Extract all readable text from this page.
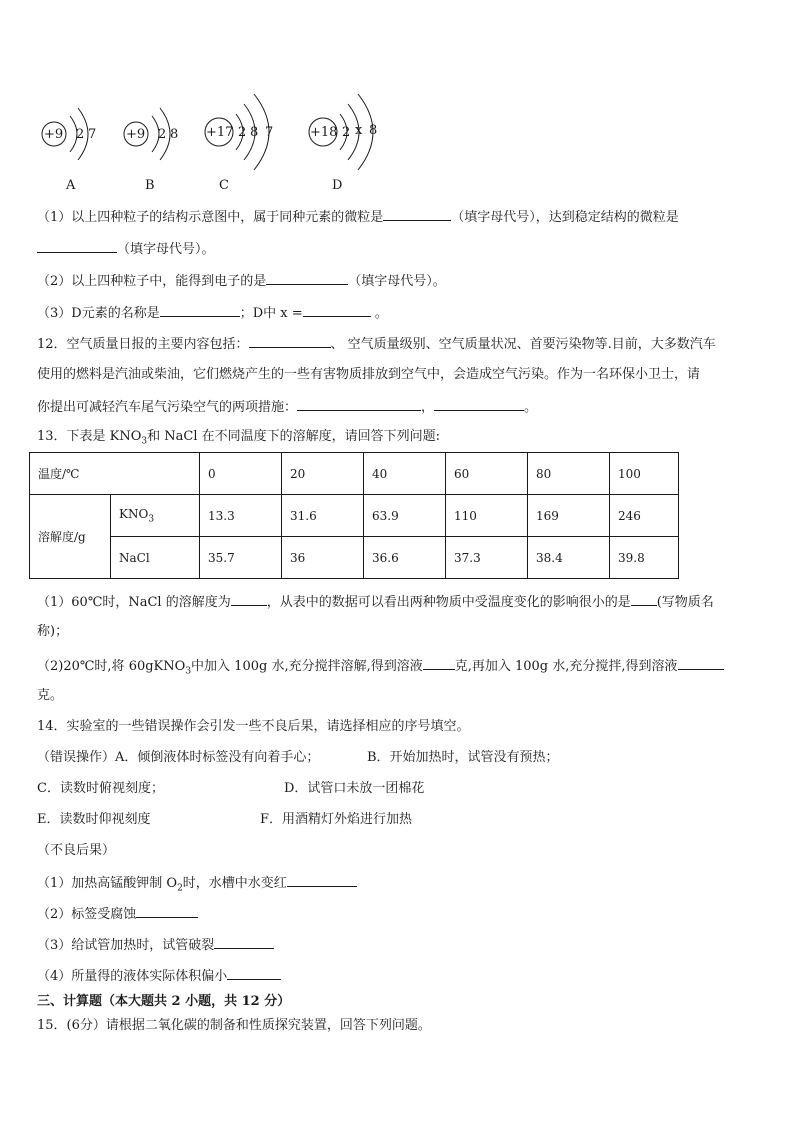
+9 2 7
A
+9 2 8
B
+17 2 8 7
C
+18 2 x 8
D
（1）以上四种粒子的结构示意图中，属于同种元素的微粒是	（填字母代号），达到稳定结构的微粒是
（填字母代号）。
（2）以上四种粒子中，能得到电子的是	（填字母代号）。
（3）D元素的名称是	；D中 x =	。
12．空气质量日报的主要内容包括：	、 空气质量级别、空气质量状况、首要污染物等.目前，大多数汽车
使用的燃料是汽油或柴油，它们燃烧产生的一些有害物质排放到空气中，会造成空气污染。作为一名环保小卫士，请
你提出可减轻汽车尾气污染空气的两项措施：	，	。
13．下表是 $KNO_3$和 NaCl 在不同温度下的溶解度，请回答下列问题:
温度/℃		0	20	40	60	80	100
溶解度/g	$KNO_3$	13.3	31.6	63.9	110	169	246
	NaCl	35.7	36	36.6	37.3	38.4	39.8
（1）60℃时，NaCl 的溶解度为	，从表中的数据可以看出两种物质中受温度变化的影响很小的是 (写物质名
称)；
（2)20℃时,将 60gKNO$_3$中加入 100g 水,充分搅拌溶解,得到溶液 克,再加入 100g 水,充分搅拌,得到溶液
克。
14．实验室的一些错误操作会引发一些不良后果，请选择相应的序号填空。
（错误操作）A．倾倒液体时标签没有向着手心；	B．开始加热时，试管没有预热；
C．读数时俯视刻度；	D．试管口未放一团棉花
E．读数时仰视刻度	F．用酒精灯外焰进行加热
（不良后果）
（1）加热高锰酸钾制 $O_2$时，水槽中水变红
（2）标签受腐蚀
（3）给试管加热时，试管破裂
（4）所量得的液体实际体积偏小
三、计算题（本大题共 2 小题，共 12 分）
15．(6分）请根据二氧化碳的制备和性质探究装置，回答下列问题。
